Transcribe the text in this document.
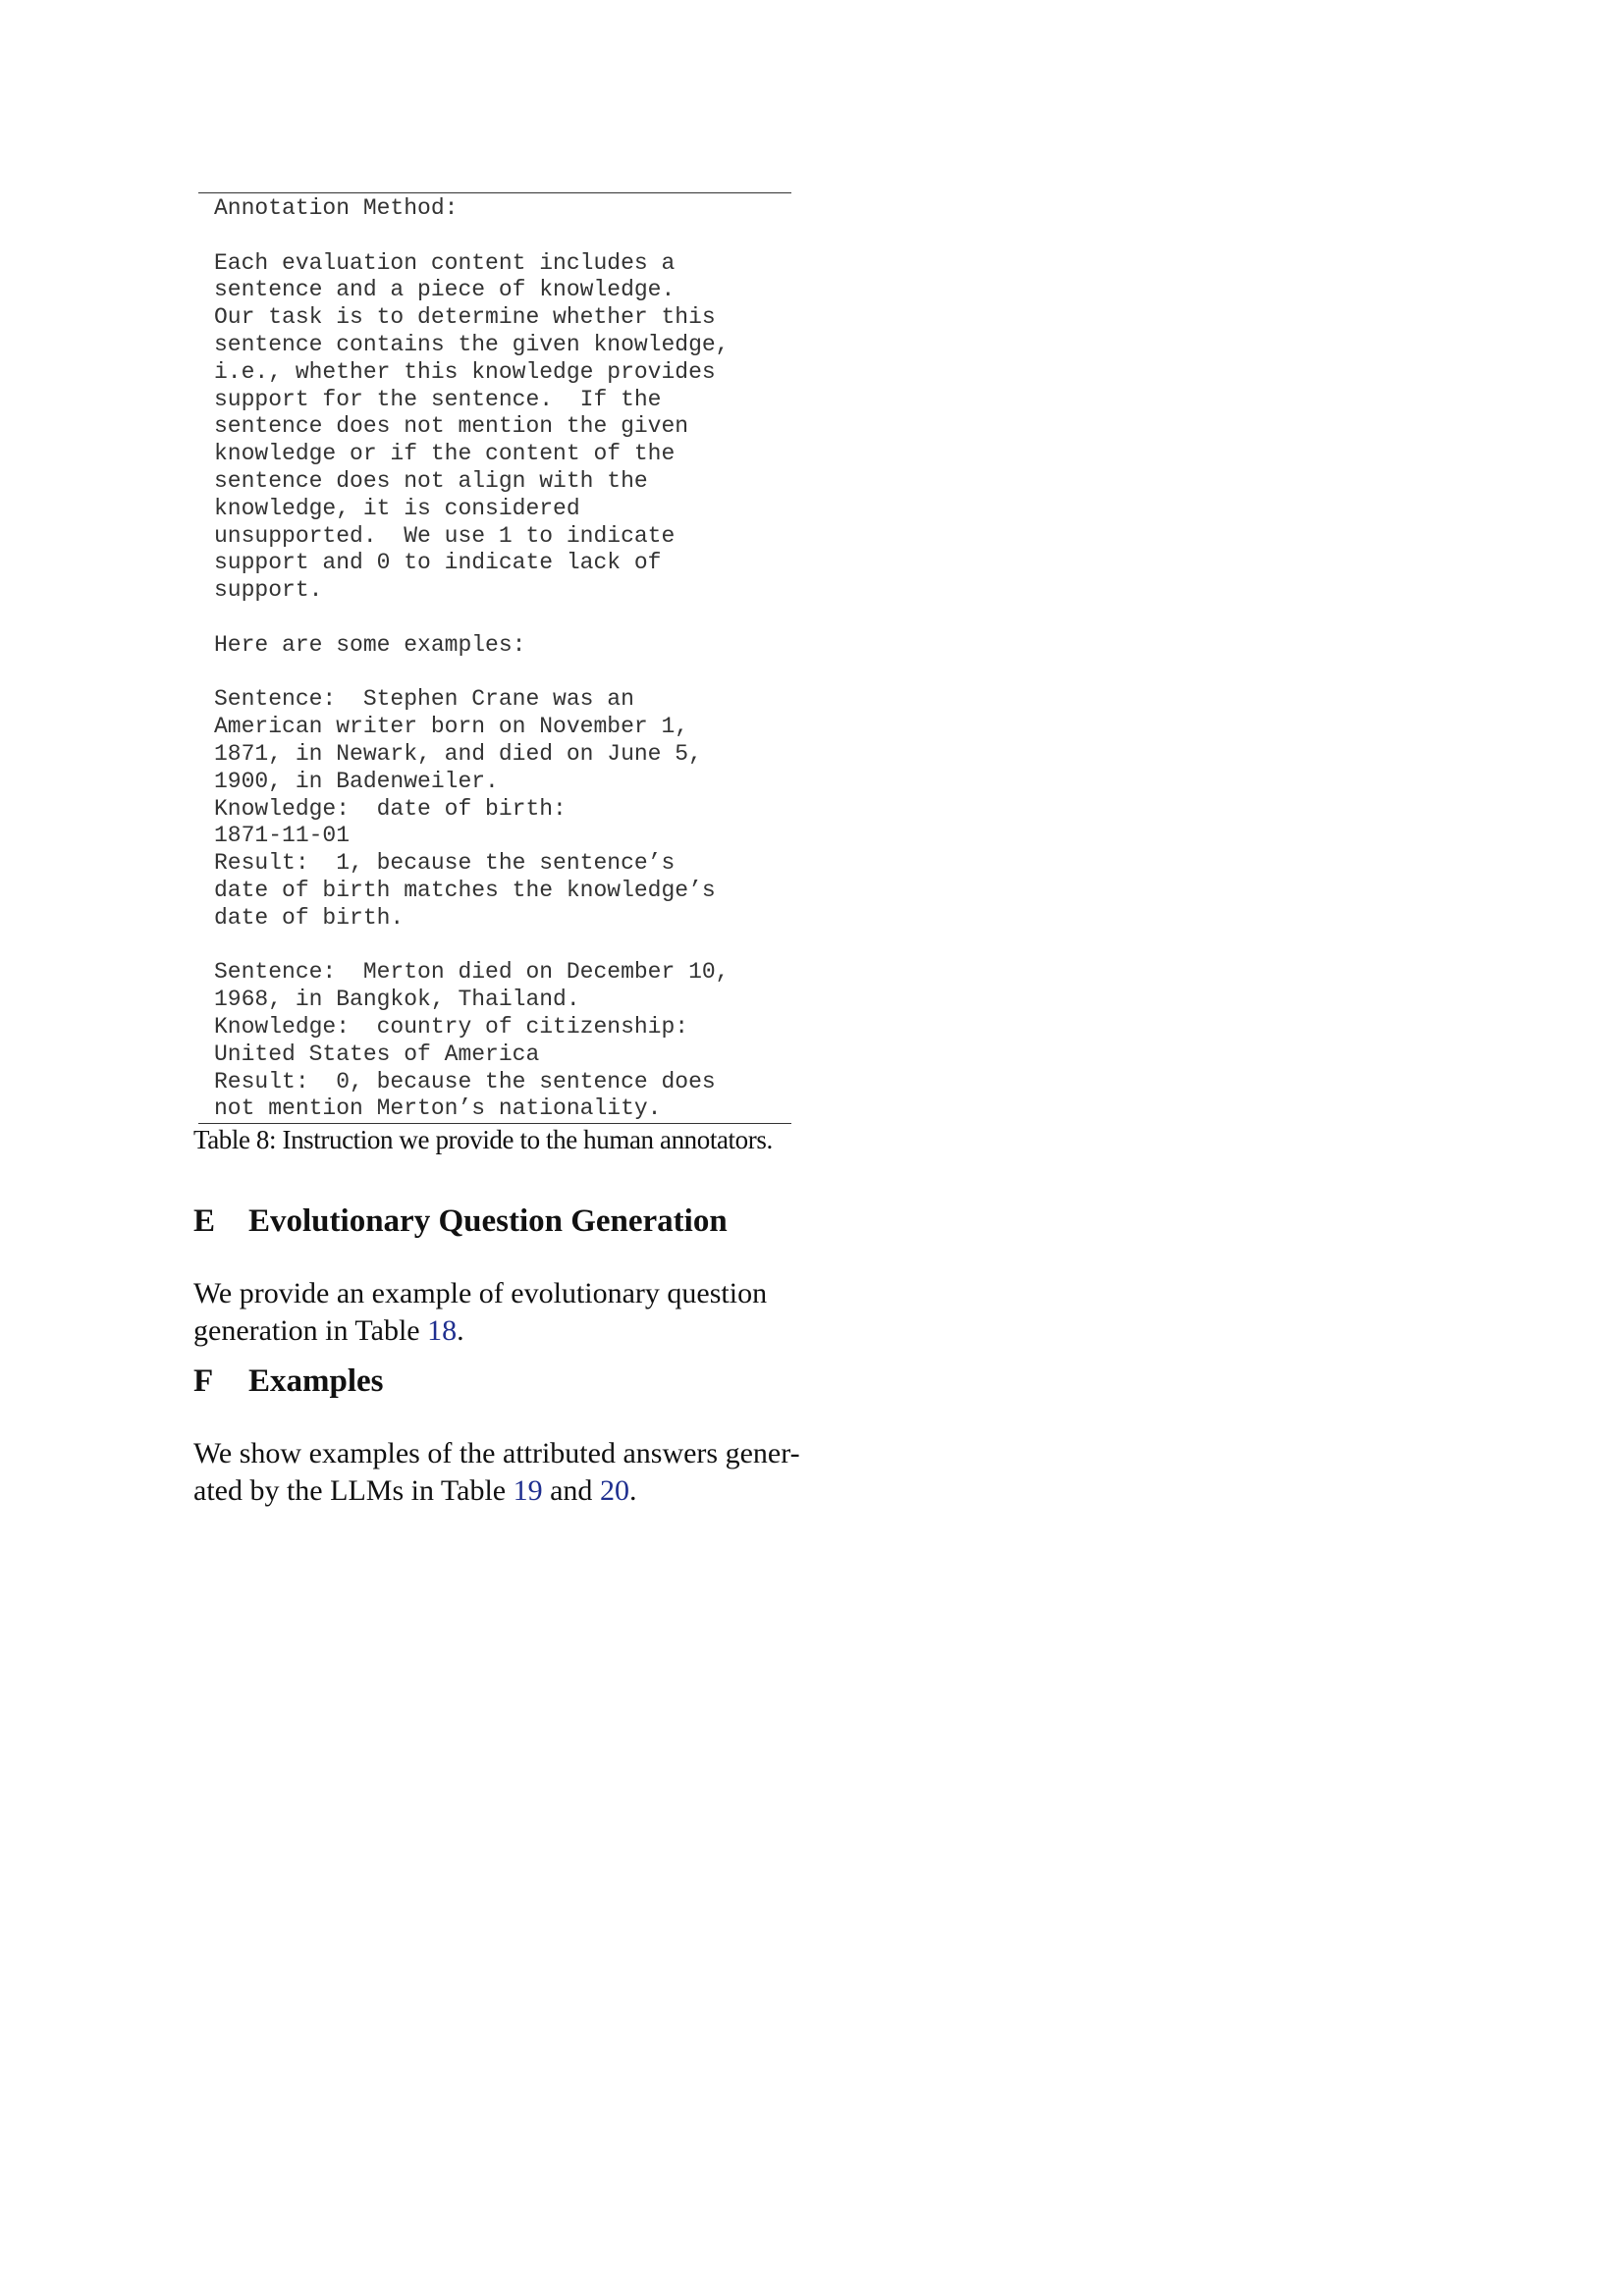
Annotation Method:
Each evaluation content includes a
sentence and a piece of knowledge.
Our task is to determine whether this
sentence contains the given knowledge,
i.e., whether this knowledge provides
support for the sentence.  If the
sentence does not mention the given
knowledge or if the content of the
sentence does not align with the
knowledge, it is considered
unsupported.  We use 1 to indicate
support and 0 to indicate lack of
support.
Here are some examples:
Sentence:  Stephen Crane was an
American writer born on November 1,
1871, in Newark, and died on June 5,
1900, in Badenweiler.
Knowledge:  date of birth:
1871-11-01
Result:  1, because the sentence’s
date of birth matches the knowledge’s
date of birth.
Sentence:  Merton died on December 10,
1968, in Bangkok, Thailand.
Knowledge:  country of citizenship:
United States of America
Result:  0, because the sentence does
not mention Merton’s nationality.
Table 8: Instruction we provide to the human annotators.
E Evolutionary Question Generation
We provide an example of evolutionary question
generation in Table 18.
F Examples
We show examples of the attributed answers gener-
ated by the LLMs in Table 19 and 20.
